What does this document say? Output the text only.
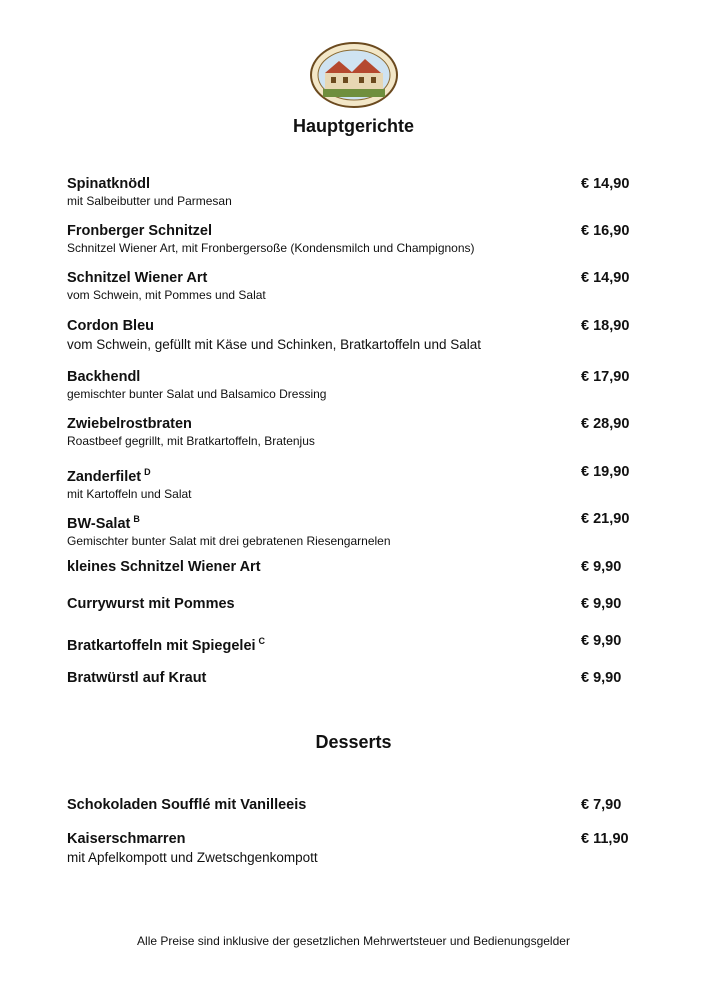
Hauptgerichte
Spinatknödl
mit Salbeibutter und Parmesan
€ 14,90
Fronberger Schnitzel
Schnitzel Wiener Art, mit Fronbergersoße (Kondensmilch und Champignons)
€ 16,90
Schnitzel Wiener Art
vom Schwein, mit Pommes und Salat
€ 14,90
Cordon Bleu
vom Schwein, gefüllt mit Käse und Schinken, Bratkartoffeln und Salat
€ 18,90
Backhendl
gemischter bunter Salat und Balsamico Dressing
€ 17,90
Zwiebelrostbraten
Roastbeef gegrillt, mit Bratkartoffeln, Bratenjus
€ 28,90
Zanderfilet $^D$
mit Kartoffeln und Salat
€ 19,90
BW-Salat $^B$
Gemischter bunter Salat mit drei gebratenen Riesengarnelen
€ 21,90
kleines Schnitzel Wiener Art	€ 9,90
Currywurst mit Pommes	€ 9,90
Bratkartoffeln mit Spiegelei $^C$	€ 9,90
Bratwürstl auf Kraut	€ 9,90
Desserts
Schokoladen Soufflé mit Vanilleeis	€ 7,90
Kaiserschmarren
mit Apfelkompott und Zwetschgenkompott
€ 11,90
Alle Preise sind inklusive der gesetzlichen Mehrwertsteuer und Bedienungsgelder
